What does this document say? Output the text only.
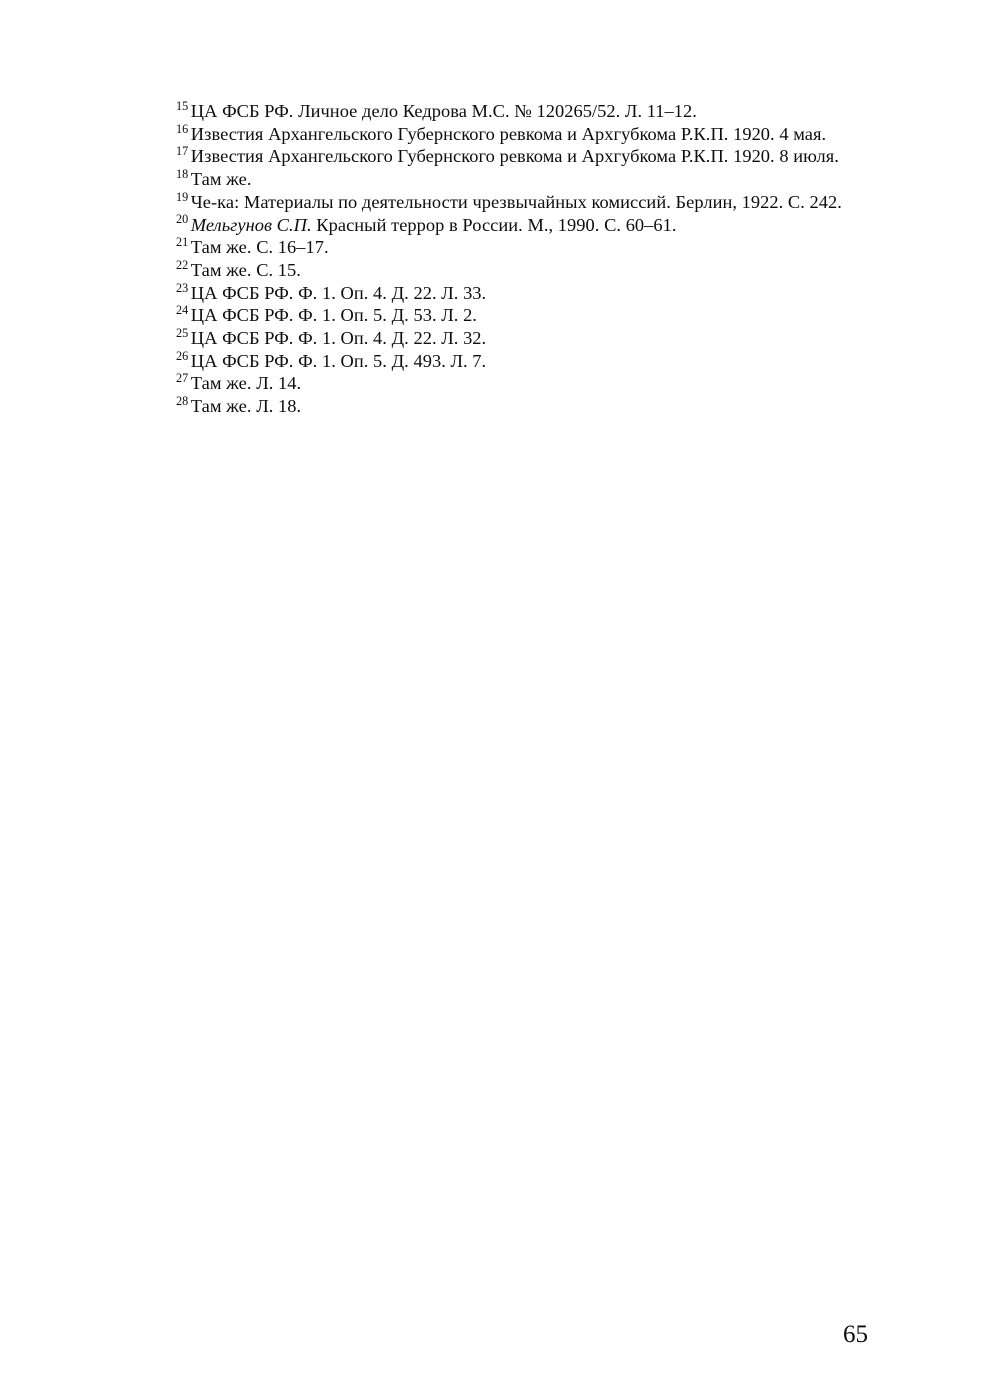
$^{15}$ ЦА ФСБ РФ. Личное дело Кедрова М.С. № 120265/52. Л. 11–12.
$^{16}$ Известия Архангельского Губернского ревкома и Архгубкома Р.К.П. 1920. 4 мая.
$^{17}$ Известия Архангельского Губернского ревкома и Архгубкома Р.К.П. 1920. 8 июля.
$^{18}$ Там же.
$^{19}$ Че-ка: Материалы по деятельности чрезвычайных комиссий. Берлин, 1922. С. 242.
$^{20}$ Мельгунов С.П. Красный террор в России. М., 1990. С. 60–61.
$^{21}$ Там же. С. 16–17.
$^{22}$ Там же. С. 15.
$^{23}$ ЦА ФСБ РФ. Ф. 1. Оп. 4. Д. 22. Л. 33.
$^{24}$ ЦА ФСБ РФ. Ф. 1. Оп. 5. Д. 53. Л. 2.
$^{25}$ ЦА ФСБ РФ. Ф. 1. Оп. 4. Д. 22. Л. 32.
$^{26}$ ЦА ФСБ РФ. Ф. 1. Оп. 5. Д. 493. Л. 7.
$^{27}$ Там же. Л. 14.
$^{28}$ Там же. Л. 18.
65
